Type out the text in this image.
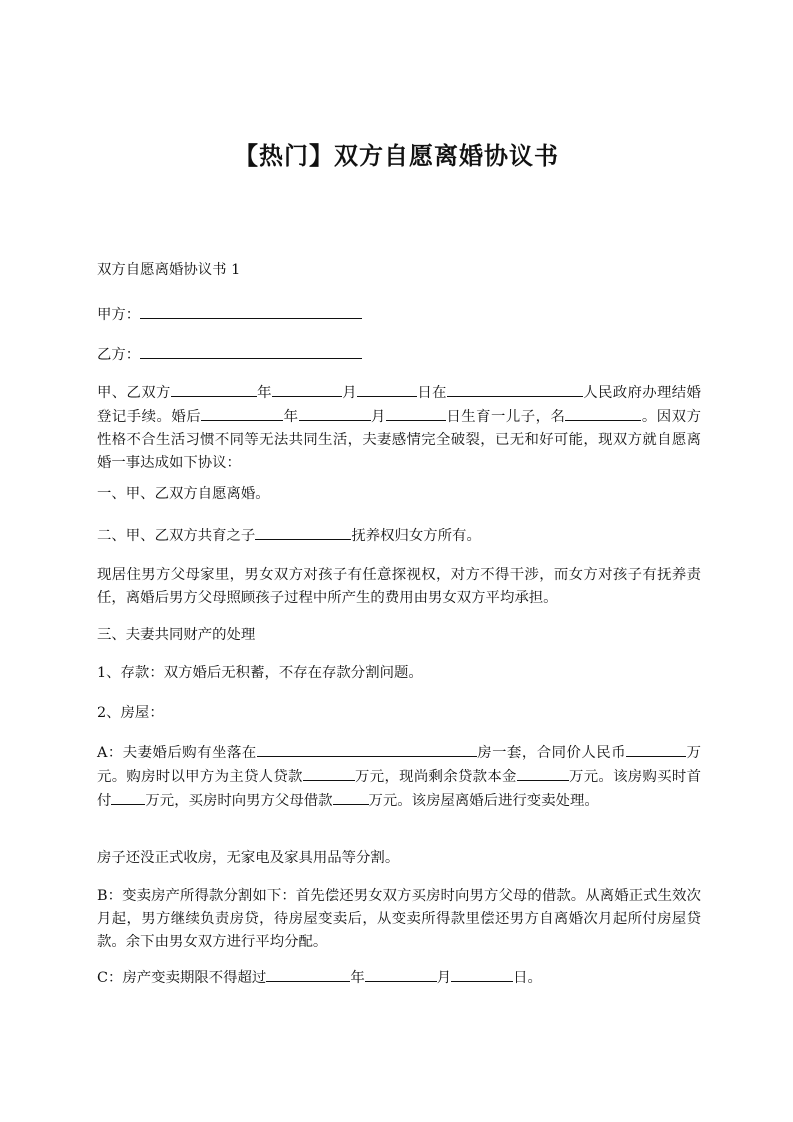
【热门】双方自愿离婚协议书

双方自愿离婚协议书 1

甲方：

乙方：

甲、乙双方	年	月	日在	人民政府办理结婚登记手续。婚后	年	月	日生育一儿子，名	。因双方性格不合生活习惯不同等无法共同生活，夫妻感情完全破裂，已无和好可能，现双方就自愿离婚一事达成如下协议：

一、甲、乙双方自愿离婚。

二、甲、乙双方共育之子	抚养权归女方所有。

现居住男方父母家里，男女双方对孩子有任意探视权，对方不得干涉，而女方对孩子有抚养责任，离婚后男方父母照顾孩子过程中所产生的费用由男女双方平均承担。

三、夫妻共同财产的处理

1、存款：双方婚后无积蓄，不存在存款分割问题。

2、房屋：

A：夫妻婚后购有坐落在	房一套，合同价人民币	万元。购房时以甲方为主贷人贷款	万元，现尚剩余贷款本金	万元。该房购买时首付 万元，买房时向男方父母借款	万元。该房屋离婚后进行变卖处理。

房子还没正式收房，无家电及家具用品等分割。

B：变卖房产所得款分割如下：首先偿还男女双方买房时向男方父母的借款。从离婚正式生效次月起，男方继续负责房贷，待房屋变卖后，从变卖所得款里偿还男方自离婚次月起所付房屋贷款。余下由男女双方进行平均分配。

C：房产变卖期限不得超过	年	月	日。
